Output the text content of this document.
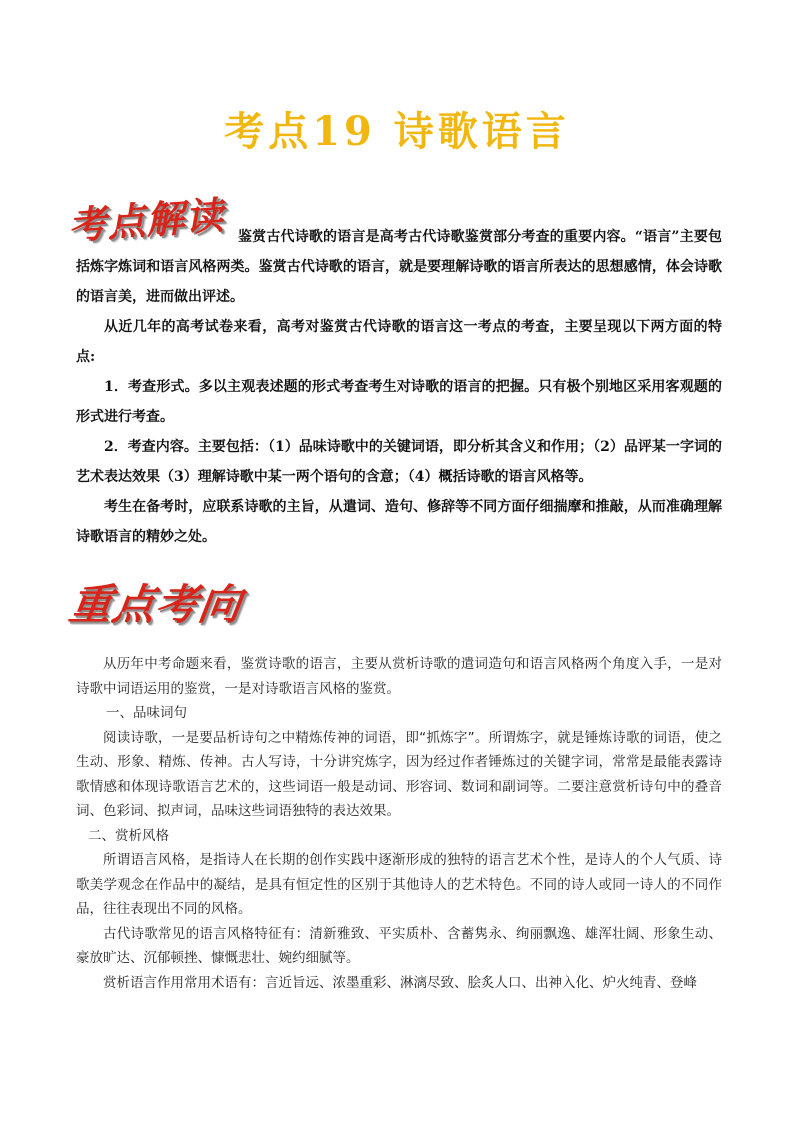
考点19 诗歌语言
考点解读 鉴赏古代诗歌的语言是高考古代诗歌鉴赏部分考查的重要内容。“语言”主要包括炼字炼词和语言风格两类。鉴赏古代诗歌的语言，就是要理解诗歌的语言所表达的思想感情，体会诗歌的语言美，进而做出评述。

从近几年的高考试卷来看，高考对鉴赏古代诗歌的语言这一考点的考查，主要呈现以下两方面的特点:

1．考查形式。多以主观表述题的形式考查考生对诗歌的语言的把握。只有极个别地区采用客观题的形式进行考查。

2．考查内容。主要包括：（1）品味诗歌中的关键词语，即分析其含义和作用；（2）品评某一字词的艺术表达效果（3）理解诗歌中某一两个语句的含意；（4）概括诗歌的语言风格等。

考生在备考时，应联系诗歌的主旨，从遣词、造句、修辞等不同方面仔细揣摩和推敲，从而准确理解诗歌语言的精妙之处。

重点考向

从历年中考命题来看，鉴赏诗歌的语言，主要从赏析诗歌的遣词造句和语言风格两个角度入手，一是对诗歌中词语运用的鉴赏，一是对诗歌语言风格的鉴赏。

一、品味词句

阅读诗歌，一是要品析诗句之中精炼传神的词语，即“抓炼字”。所谓炼字，就是锤炼诗歌的词语，使之生动、形象、精炼、传神。古人写诗，十分讲究炼字，因为经过作者锤炼过的关键字词，常常是最能表露诗歌情感和体现诗歌语言艺术的，这些词语一般是动词、形容词、数词和副词等。二要注意赏析诗句中的叠音词、色彩词、拟声词，品味这些词语独特的表达效果。

二、赏析风格

所谓语言风格，是指诗人在长期的创作实践中逐渐形成的独特的语言艺术个性，是诗人的个人气质、诗歌美学观念在作品中的凝结，是具有恒定性的区别于其他诗人的艺术特色。不同的诗人或同一诗人的不同作品，往往表现出不同的风格。

古代诗歌常见的语言风格特征有：清新雅致、平实质朴、含蓄隽永、绚丽飘逸、雄浑壮阔、形象生动、豪放旷达、沉郁顿挫、慷慨悲壮、婉约细腻等。

赏析语言作用常用术语有：言近旨远、浓墨重彩、淋漓尽致、脍炙人口、出神入化、炉火纯青、登峰
